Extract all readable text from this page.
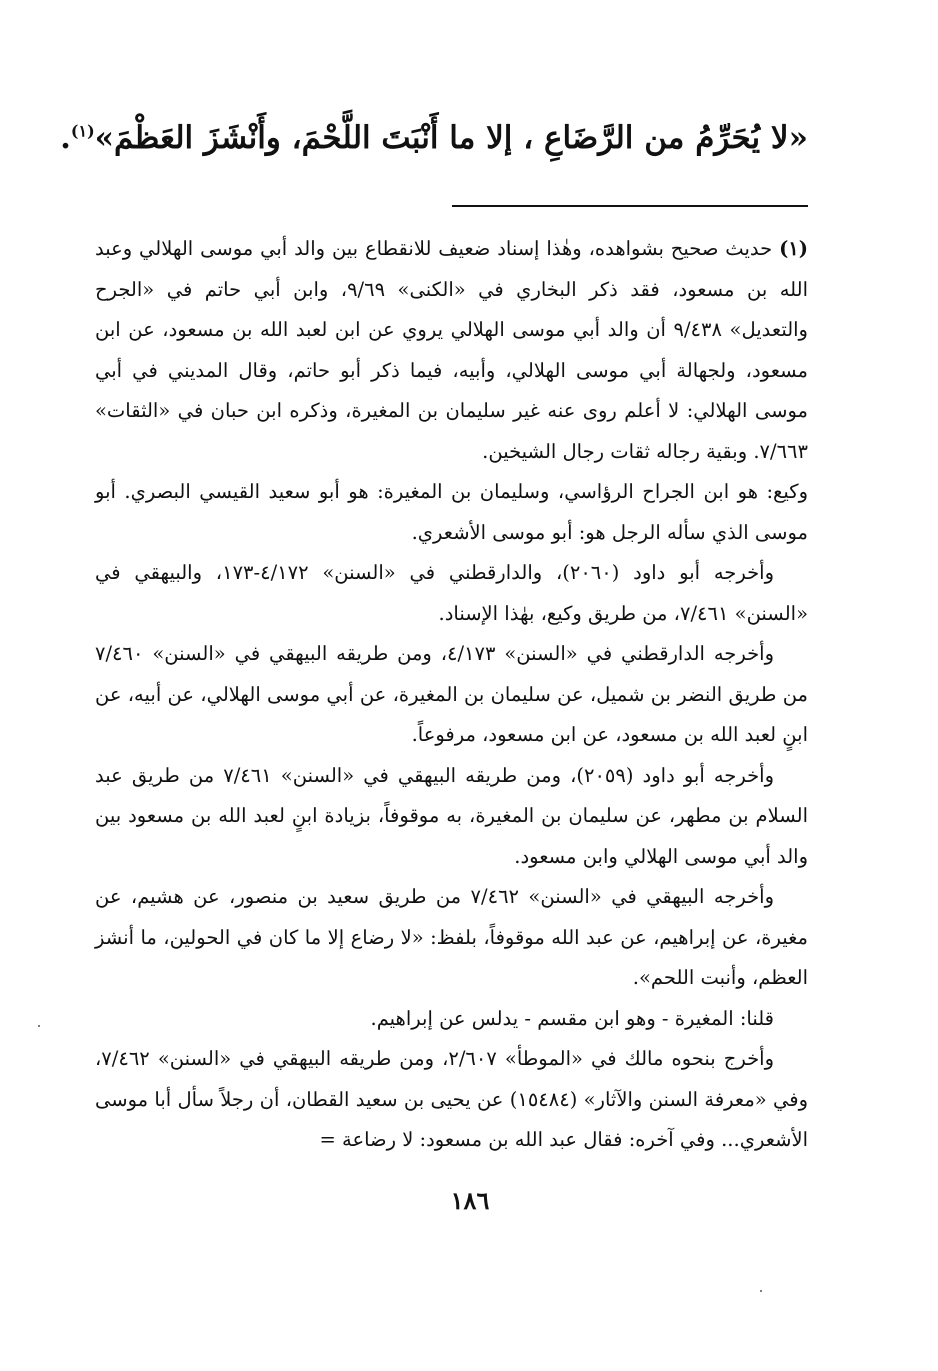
«لا يُحَرِّمُ من الرَّضَاعِ ، إلا ما أَنْبَتَ اللَّحْمَ، وأَنْشَزَ العَظْمَ»$^{(١)}$.

(١) حديث صحيح بشواهده، وهٰذا إسناد ضعيف للانقطاع بين والد أبي موسى الهلالي وعبد الله بن مسعود، فقد ذكر البخاري في «الكنى» ٩/٦٩، وابن أبي حاتم في «الجرح والتعديل» ٩/٤٣٨ أن والد أبي موسى الهلالي يروي عن ابن لعبد الله بن مسعود، عن ابن مسعود، ولجهالة أبي موسى الهلالي، وأبيه، فيما ذكر أبو حاتم، وقال المديني في أبي موسى الهلالي: لا أعلم روى عنه غير سليمان بن المغيرة، وذكره ابن حبان في «الثقات» ٧/٦٦٣. وبقية رجاله ثقات رجال الشيخين.

وكيع: هو ابن الجراح الرؤاسي، وسليمان بن المغيرة: هو أبو سعيد القيسي البصري. أبو موسى الذي سأله الرجل هو: أبو موسى الأشعري.

وأخرجه أبو داود (٢٠٦٠)، والدارقطني في «السنن» ٤/١٧٢-١٧٣، والبيهقي في «السنن» ٧/٤٦١، من طريق وكيع، بهٰذا الإسناد.

وأخرجه الدارقطني في «السنن» ٤/١٧٣، ومن طريقه البيهقي في «السنن» ٧/٤٦٠ من طريق النضر بن شميل، عن سليمان بن المغيرة، عن أبي موسى الهلالي، عن أبيه، عن ابنٍ لعبد الله بن مسعود، عن ابن مسعود، مرفوعاً.

وأخرجه أبو داود (٢٠٥٩)، ومن طريقه البيهقي في «السنن» ٧/٤٦١ من طريق عبد السلام بن مطهر، عن سليمان بن المغيرة، به موقوفاً، بزيادة ابنٍ لعبد الله بن مسعود بين والد أبي موسى الهلالي وابن مسعود.

وأخرجه البيهقي في «السنن» ٧/٤٦٢ من طريق سعيد بن منصور، عن هشيم، عن مغيرة، عن إبراهيم، عن عبد الله موقوفاً، بلفظ: «لا رضاع إلا ما كان في الحولين، ما أنشز العظم، وأنبت اللحم».

قلنا: المغيرة - وهو ابن مقسم - يدلس عن إبراهيم.

وأخرج بنحوه مالك في «الموطأ» ٢/٦٠٧، ومن طريقه البيهقي في «السنن» ٧/٤٦٢، وفي «معرفة السنن والآثار» (١٥٤٨٤) عن يحيى بن سعيد القطان، أن رجلاً سأل أبا موسى الأشعري... وفي آخره: فقال عبد الله بن مسعود: لا رضاعة =

١٨٦
